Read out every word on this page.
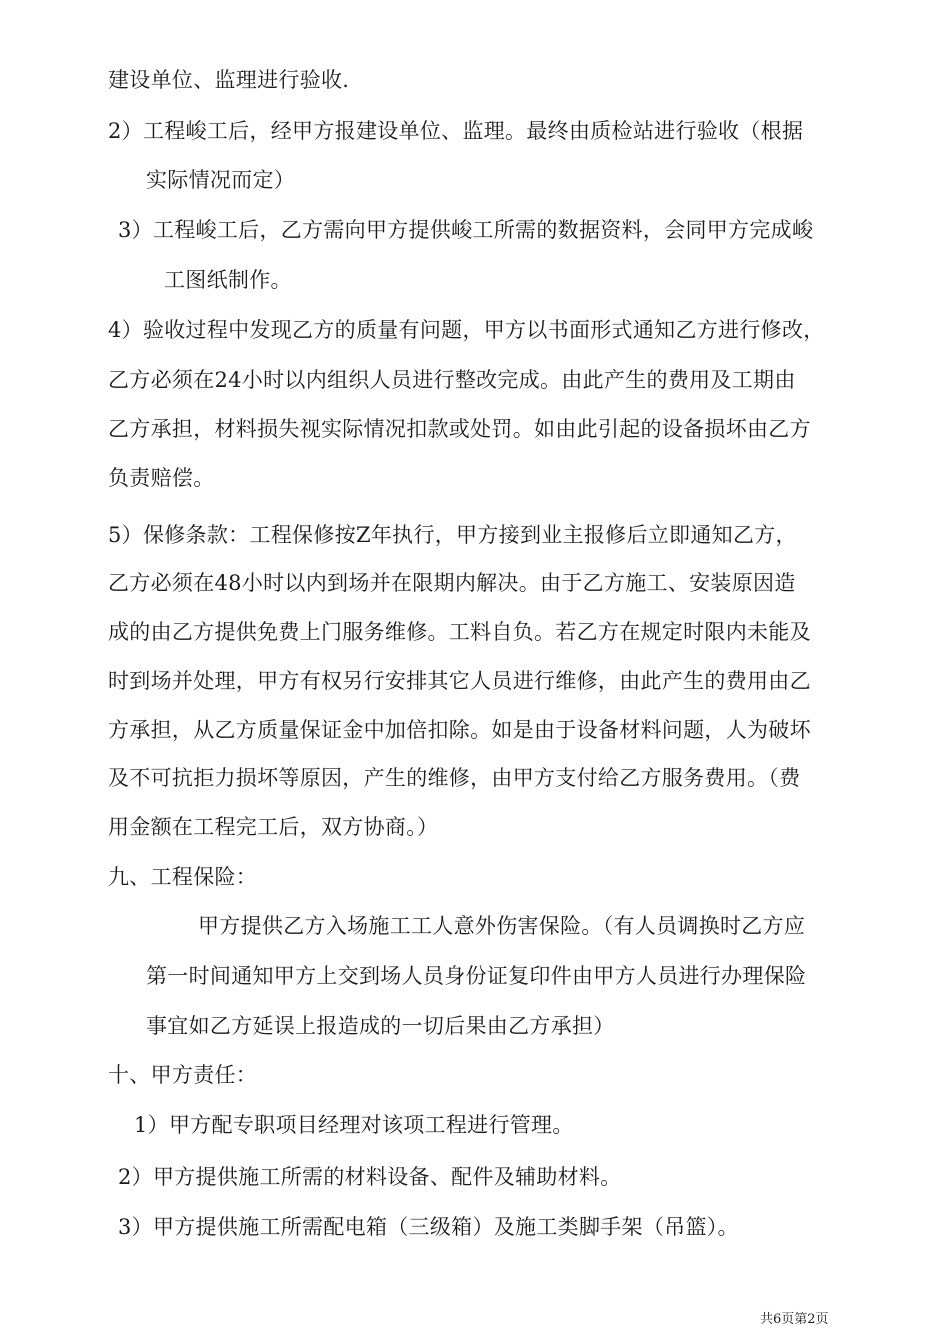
建设单位、监理进行验收.
2）工程峻工后，经甲方报建设单位、监理。最终由质检站进行验收（根据
实际情况而定）
3）工程峻工后，乙方需向甲方提供峻工所需的数据资料，会同甲方完成峻
工图纸制作。
4）验收过程中发现乙方的质量有问题，甲方以书面形式通知乙方进行修改，
乙方必须在24小时以内组织人员进行整改完成。由此产生的费用及工期由
乙方承担，材料损失视实际情况扣款或处罚。如由此引起的设备损坏由乙方
负责赔偿。
5）保修条款：工程保修按Z年执行，甲方接到业主报修后立即通知乙方，
乙方必须在48小时以内到场并在限期内解决。由于乙方施工、安装原因造
成的由乙方提供免费上门服务维修。工料自负。若乙方在规定时限内未能及
时到场并处理，甲方有权另行安排其它人员进行维修，由此产生的费用由乙
方承担，从乙方质量保证金中加倍扣除。如是由于设备材料问题，人为破坏
及不可抗拒力损坏等原因，产生的维修，由甲方支付给乙方服务费用。（费
用金额在工程完工后，双方协商。）
九、工程保险：
甲方提供乙方入场施工工人意外伤害保险。（有人员调换时乙方应
第一时间通知甲方上交到场人员身份证复印件由甲方人员进行办理保险
事宜如乙方延误上报造成的一切后果由乙方承担）
十、甲方责任：
1）甲方配专职项目经理对该项工程进行管理。
2）甲方提供施工所需的材料设备、配件及辅助材料。
3）甲方提供施工所需配电箱（三级箱）及施工类脚手架（吊篮）。
共6页第2页
